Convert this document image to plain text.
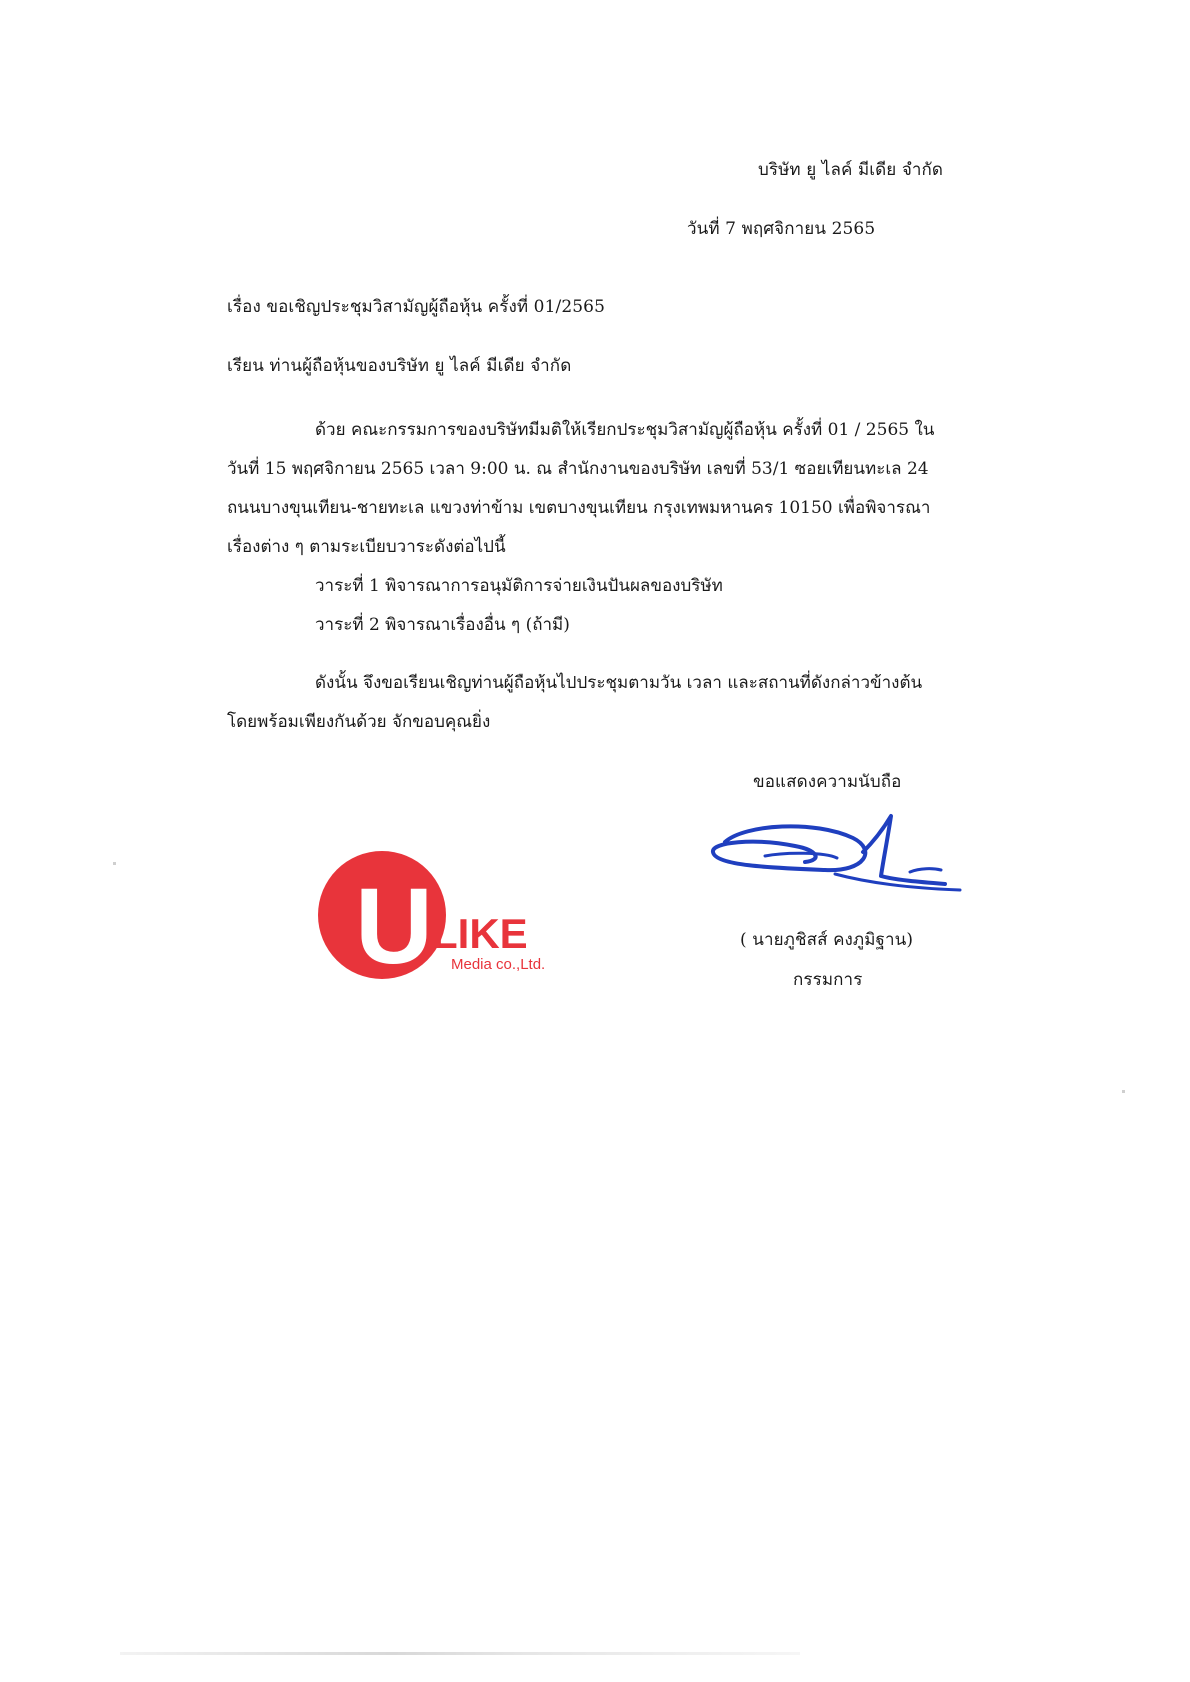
บริษัท ยู ไลค์ มีเดีย จำกัด
วันที่ 7 พฤศจิกายน 2565
เรื่อง ขอเชิญประชุมวิสามัญผู้ถือหุ้น ครั้งที่ 01/2565
เรียน ท่านผู้ถือหุ้นของบริษัท ยู ไลค์ มีเดีย จำกัด
ด้วย คณะกรรมการของบริษัทมีมติให้เรียกประชุมวิสามัญผู้ถือหุ้น ครั้งที่ 01 / 2565 ใน
วันที่ 15 พฤศจิกายน 2565 เวลา 9:00 น. ณ สำนักงานของบริษัท เลขที่ 53/1 ซอยเทียนทะเล 24
ถนนบางขุนเทียน-ชายทะเล แขวงท่าข้าม เขตบางขุนเทียน กรุงเทพมหานคร 10150 เพื่อพิจารณา
เรื่องต่าง ๆ ตามระเบียบวาระดังต่อไปนี้
วาระที่ 1 พิจารณาการอนุมัติการจ่ายเงินปันผลของบริษัท
วาระที่ 2 พิจารณาเรื่องอื่น ๆ (ถ้ามี)
ดังนั้น จึงขอเรียนเชิญท่านผู้ถือหุ้นไปประชุมตามวัน เวลา และสถานที่ดังกล่าวข้างต้น
โดยพร้อมเพียงกันด้วย จักขอบคุณยิ่ง
ขอแสดงความนับถือ
U LIKE
Media co.,Ltd.
( นายภูชิสส์ คงภูมิฐาน)
กรรมการ
